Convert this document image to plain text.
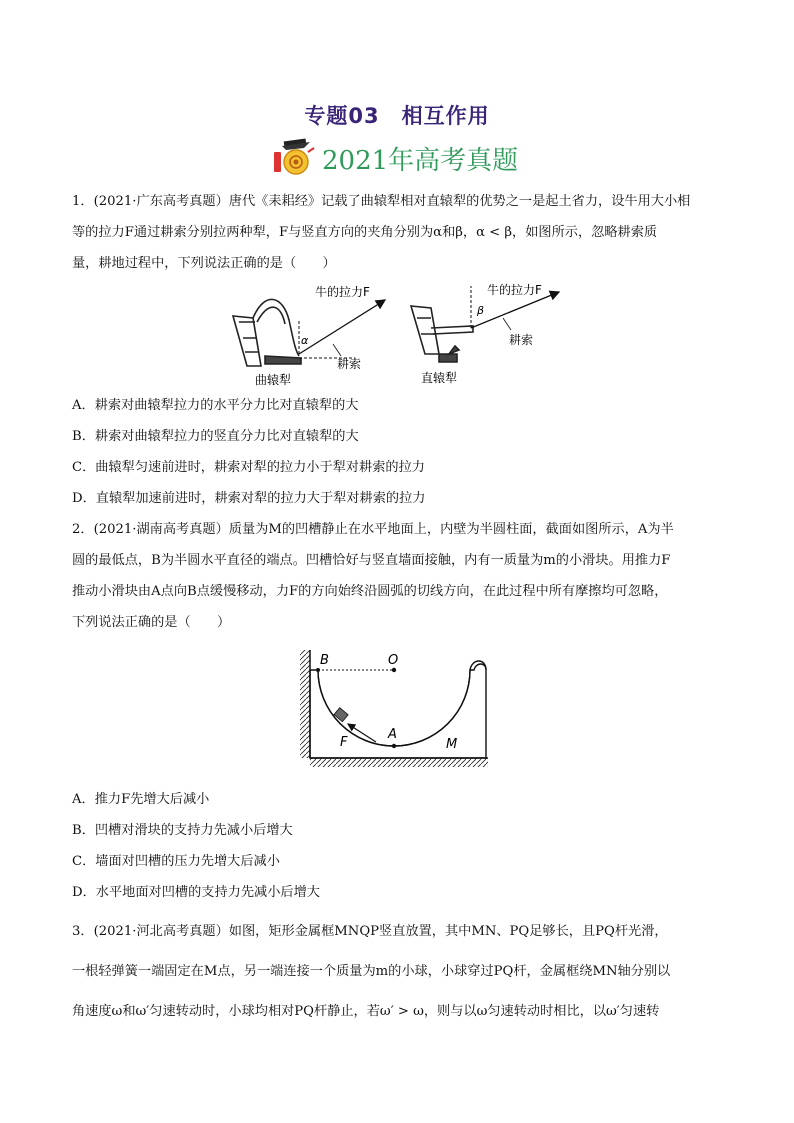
专题03　相互作用
2021年高考真题
1．(2021·广东高考真题）唐代《耒耜经》记载了曲辕犁相对直辕犁的优势之一是起土省力，设牛用大小相
等的拉力F通过耕索分别拉两种犁，F与竖直方向的夹角分别为α和β，α < β，如图所示，忽略耕索质
量，耕地过程中，下列说法正确的是（　　）
α
牛的拉力F
耕索
曲辕犁
β
牛的拉力F
耕索
直辕犁
A．耕索对曲辕犁拉力的水平分力比对直辕犁的大
B．耕索对曲辕犁拉力的竖直分力比对直辕犁的大
C．曲辕犁匀速前进时，耕索对犁的拉力小于犁对耕索的拉力
D．直辕犁加速前进时，耕索对犁的拉力大于犁对耕索的拉力
2．(2021·湖南高考真题）质量为M的凹槽静止在水平地面上，内壁为半圆柱面，截面如图所示，A为半
圆的最低点，B为半圆水平直径的端点。凹槽恰好与竖直墙面接触，内有一质量为m的小滑块。用推力F
推动小滑块由A点向B点缓慢移动，力F的方向始终沿圆弧的切线方向，在此过程中所有摩擦均可忽略，
下列说法正确的是（　　）
B	O
A
F	M
A．推力F先增大后减小
B．凹槽对滑块的支持力先减小后增大
C．墙面对凹槽的压力先增大后减小
D．水平地面对凹槽的支持力先减小后增大
3．(2021·河北高考真题）如图，矩形金属框MNQP竖直放置，其中MN、PQ足够长，且PQ杆光滑，
一根轻弹簧一端固定在M点，另一端连接一个质量为m的小球，小球穿过PQ杆，金属框绕MN轴分别以
角速度ω和ω′匀速转动时，小球均相对PQ杆静止，若ω′ > ω，则与以ω匀速转动时相比，以ω′匀速转
